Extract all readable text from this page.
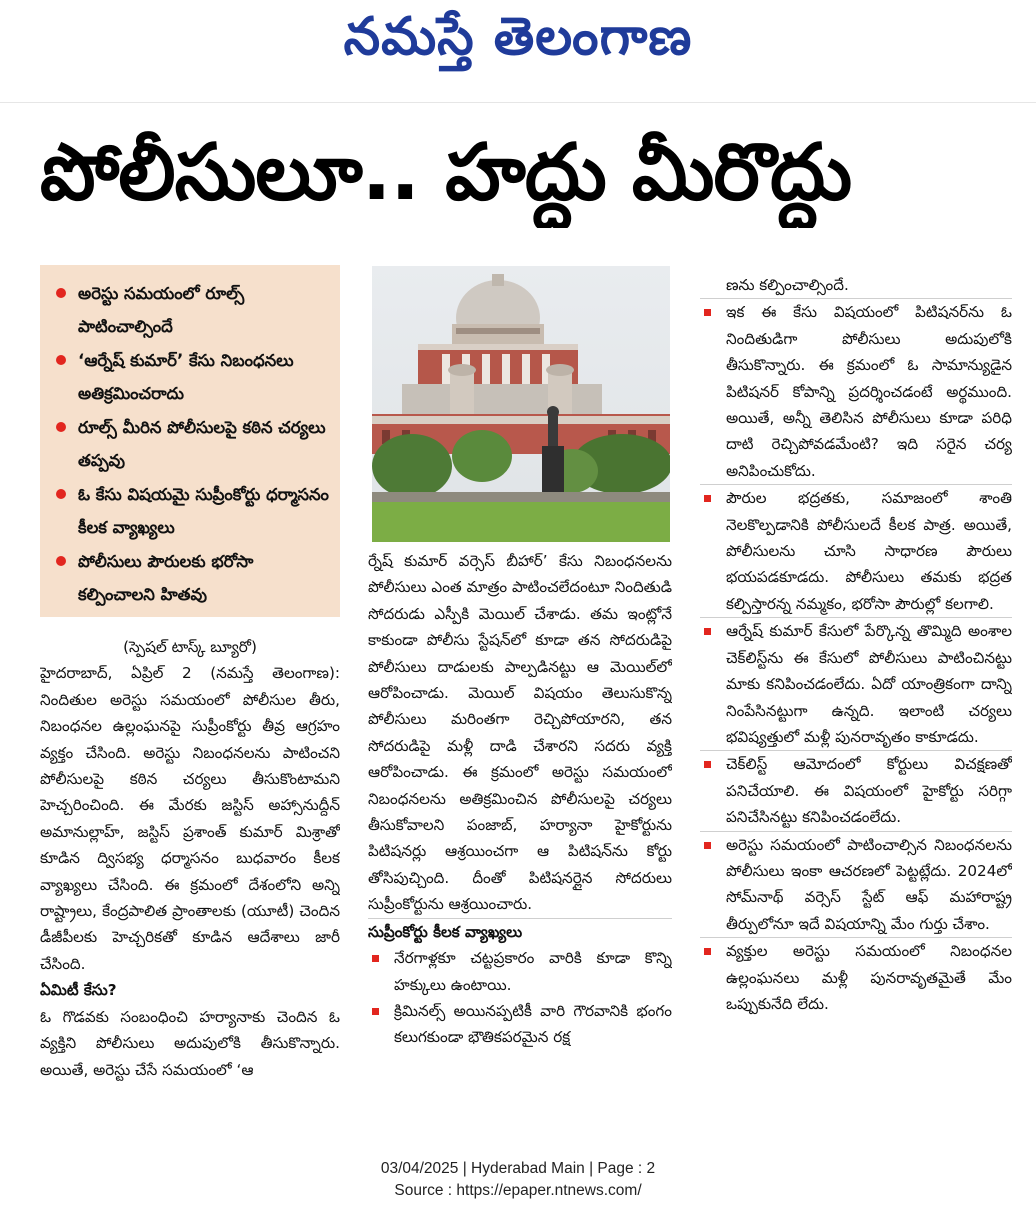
నమస్తే తెలంగాణ
పోలీసులూ.. హద్దు మీరొద్దు
అరెస్టు సమయంలో రూల్స్ పాటించాల్సిందే
‘ఆర్నేష్ కుమార్’ కేసు నిబంధనలు అతిక్రమించరాదు
రూల్స్ మీరిన పోలీసులపై కఠిన చర్యలు తప్పవు
ఓ కేసు విషయమై సుప్రీంకోర్టు ధర్మాసనం కీలక వ్యాఖ్యలు
పోలీసులు పౌరులకు భరోసా కల్పించాలని హితవు
(స్పెషల్ టాస్క్ బ్యూరో)
హైదరాబాద్, ఏప్రిల్ 2 (నమస్తే తెలంగాణ): నిందితుల అరెస్టు సమయంలో పోలీసుల తీరు, నిబంధనల ఉల్లంఘనపై సుప్రీంకోర్టు తీవ్ర ఆగ్రహం వ్యక్తం చేసింది. అరెస్టు నిబంధనలను పాటించని పోలీసులపై కఠిన చర్యలు తీసుకొంటామని హెచ్చరించింది. ఈ మేరకు జస్టిస్ అహ్సానుద్దీన్ అమానుల్లాహ్, జస్టిస్ ప్రశాంత్ కుమార్ మిశ్రాతో కూడిన ద్విసభ్య ధర్మాసనం బుధవారం కీలక వ్యాఖ్యలు చేసింది. ఈ క్రమంలో దేశంలోని అన్ని రాష్ట్రాలు, కేంద్రపాలిత ప్రాంతాలకు (యూటీ) చెందిన డీజీపీలకు హెచ్చరికతో కూడిన ఆదేశాలు జారీ చేసింది.
ఏమిటీ కేసు?
ఓ గొడవకు సంబంధించి హర్యానాకు చెందిన ఓ వ్యక్తిని పోలీసులు అదుపులోకి తీసుకొన్నారు. అయితే, అరెస్టు చేసే సమయంలో ‘ఆ
ర్నేష్ కుమార్ వర్సెస్ బీహార్’ కేసు నిబంధనలను పోలీసులు ఎంత మాత్రం పాటించలేదంటూ నిందితుడి సోదరుడు ఎస్పీకి మెయిల్ చేశాడు. తమ ఇంట్లోనే కాకుండా పోలీసు స్టేషన్‌లో కూడా తన సోదరుడిపై పోలీసులు దాడులకు పాల్పడినట్టు ఆ మెయిల్‌లో ఆరోపించాడు. మెయిల్ విషయం తెలుసుకొన్న పోలీసులు మరింతగా రెచ్చిపోయారని, తన సోదరుడిపై మళ్లీ దాడి చేశారని సదరు వ్యక్తి ఆరోపించాడు. ఈ క్రమంలో అరెస్టు సమయంలో నిబంధనలను అతిక్రమించిన పోలీసులపై చర్యలు తీసుకోవాలని పంజాబ్, హర్యానా హైకోర్టును పిటిషనర్లు ఆశ్రయించగా ఆ పిటిషన్‌ను కోర్టు తోసిపుచ్చింది. దీంతో పిటిషనర్లైన సోదరులు సుప్రీంకోర్టును ఆశ్రయించారు.
సుప్రీంకోర్టు కీలక వ్యాఖ్యలు
నేరగాళ్లకూ చట్టప్రకారం వారికి కూడా కొన్ని హక్కులు ఉంటాయి.
క్రిమినల్స్ అయినప్పటికీ వారి గౌరవానికి భంగం కలుగకుండా భౌతికపరమైన రక్ష
ణను కల్పించాల్సిందే.
ఇక ఈ కేసు విషయంలో పిటిషనర్‌ను ఓ నిందితుడిగా పోలీసులు అదుపులోకి తీసుకొన్నారు. ఈ క్రమంలో ఓ సామాన్యుడైన పిటిషనర్ కోపాన్ని ప్రదర్శించడంటే అర్థముంది. అయితే, అన్నీ తెలిసిన పోలీసులు కూడా పరిధి దాటి రెచ్చిపోవడమేంటి? ఇది సరైన చర్య అనిపించుకోదు.
పౌరుల భద్రతకు, సమాజంలో శాంతి నెలకొల్పడానికి పోలీసులదే కీలక పాత్ర. అయితే, పోలీసులను చూసి సాధారణ పౌరులు భయపడకూడదు. పోలీసులు తమకు భద్రత కల్పిస్తారన్న నమ్మకం, భరోసా పౌరుల్లో కలగాలి.
ఆర్నేష్ కుమార్ కేసులో పేర్కొన్న తొమ్మిది అంశాల చెక్‌లిస్ట్‌ను ఈ కేసులో పోలీసులు పాటించినట్టు మాకు కనిపించడంలేదు. ఏదో యాంత్రికంగా దాన్ని నింపేసినట్టుగా ఉన్నది. ఇలాంటి చర్యలు భవిష్యత్తులో మళ్లీ పునరావృతం కాకూడదు.
చెక్‌లిస్ట్ ఆమోదంలో కోర్టులు విచక్షణతో పనిచేయాలి. ఈ విషయంలో హైకోర్టు సరిగ్గా పనిచేసినట్టు కనిపించడంలేదు.
అరెస్టు సమయంలో పాటించాల్సిన నిబంధనలను పోలీసులు ఇంకా ఆచరణలో పెట్టట్లేదు. 2024లో సోమ్‌నాథ్ వర్సెస్ స్టేట్ ఆఫ్ మహారాష్ట్ర తీర్పులోనూ ఇదే విషయాన్ని మేం గుర్తు చేశాం.
వ్యక్తుల అరెస్టు సమయంలో నిబంధనల ఉల్లంఘనలు మళ్లీ పునరావృతమైతే మేం ఒప్పుకునేది లేదు.
03/04/2025 | Hyderabad Main | Page : 2
Source : https://epaper.ntnews.com/
